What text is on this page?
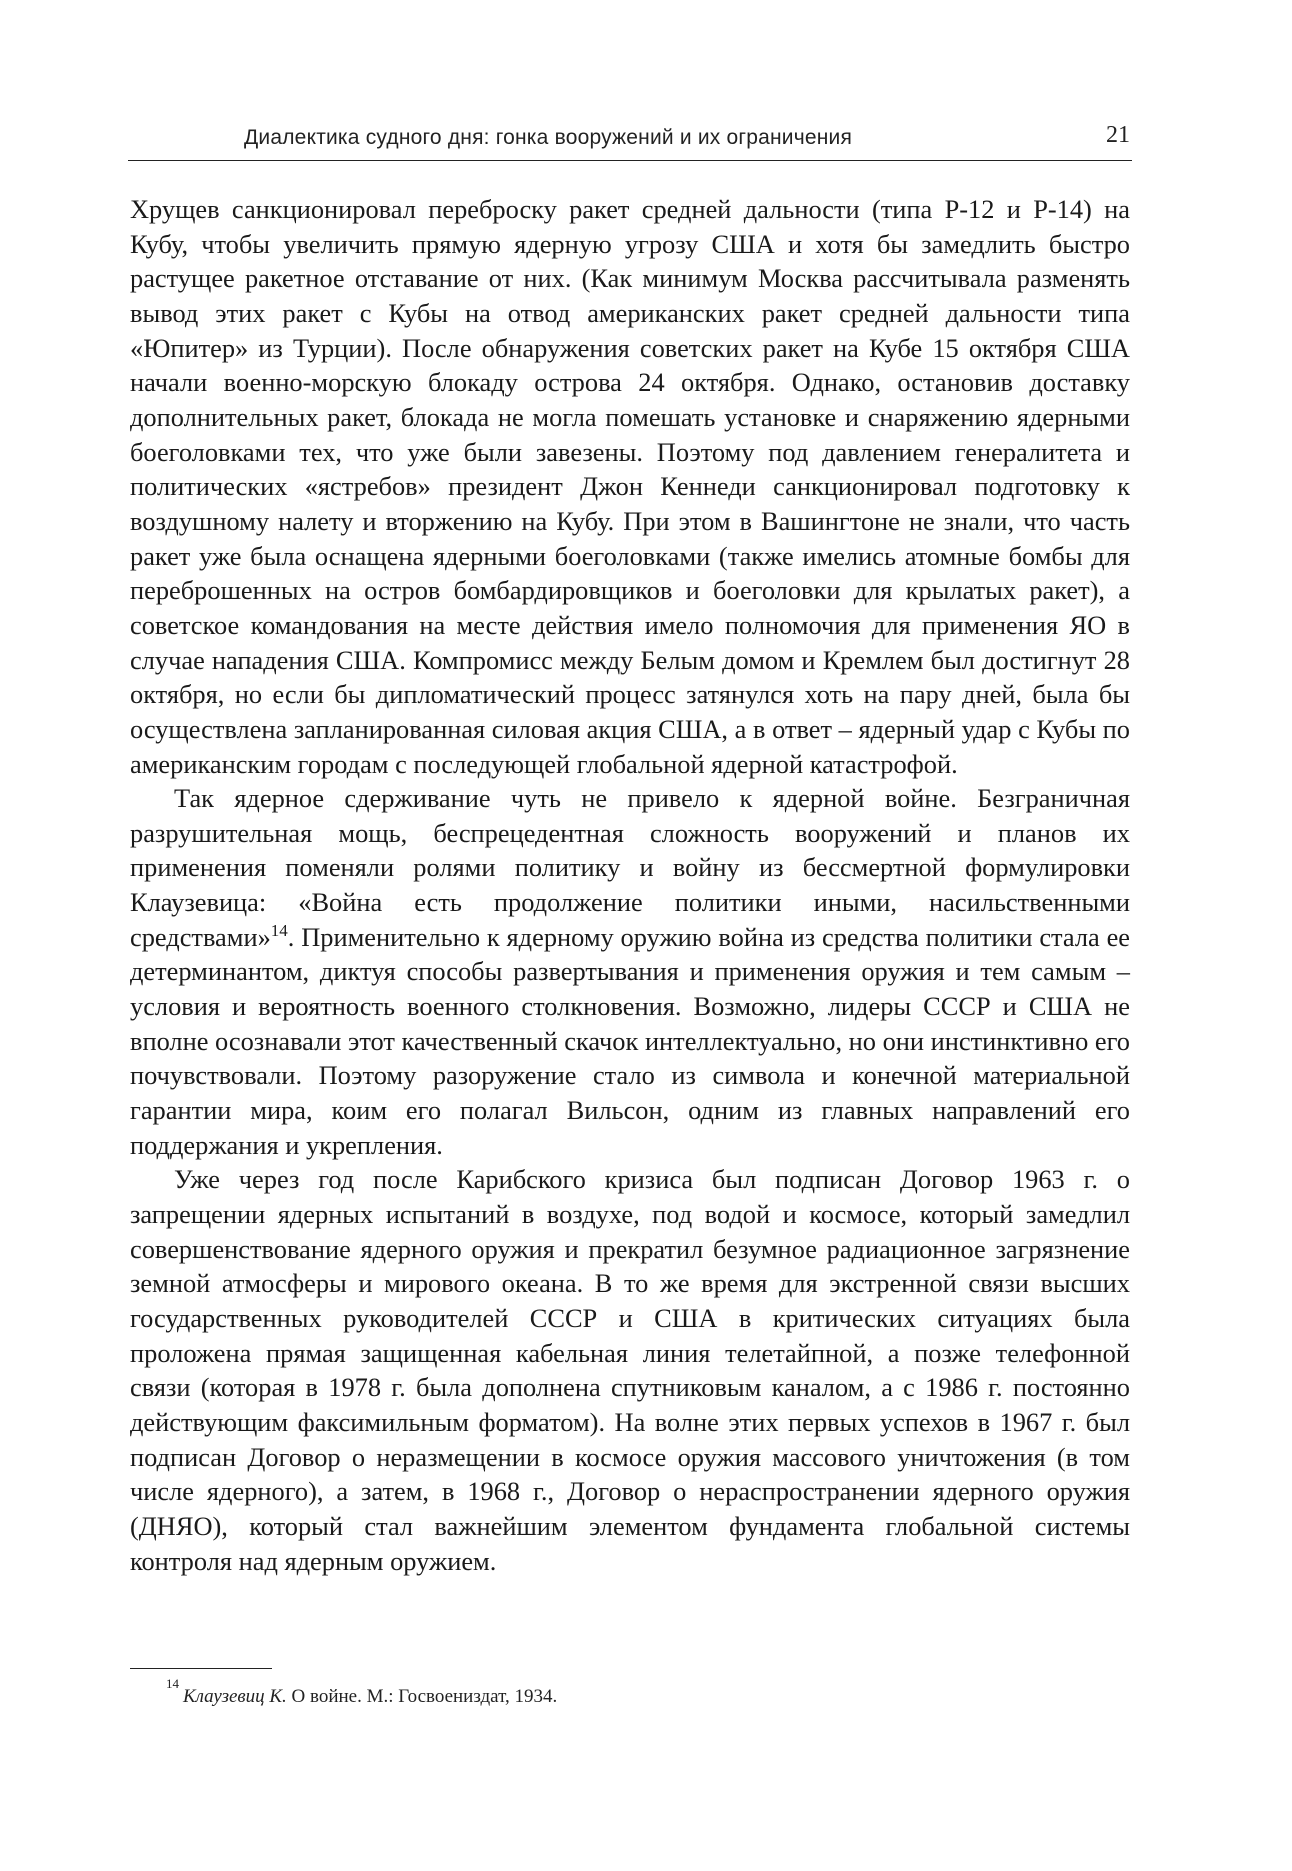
Диалектика судного дня: гонка вооружений и их ограничения	21

Хрущев санкционировал переброску ракет средней дальности (типа Р-12 и Р-14) на Кубу, чтобы увеличить прямую ядерную угрозу США и хотя бы замедлить быстро растущее ракетное отставание от них. (Как минимум Москва рассчитывала разменять вывод этих ракет с Кубы на отвод американских ракет средней дальности типа «Юпитер» из Турции). После обнаружения советских ракет на Кубе 15 октября США начали военно-морскую блокаду острова 24 октября. Однако, остановив доставку дополнительных ракет, блокада не могла помешать установке и снаряжению ядерными боеголовками тех, что уже были завезены. Поэтому под давлением генералитета и политических «ястребов» президент Джон Кеннеди санкционировал подготовку к воздушному налету и вторжению на Кубу. При этом в Вашингтоне не знали, что часть ракет уже была оснащена ядерными боеголовками (также имелись атомные бомбы для переброшенных на остров бомбардировщиков и боеголовки для крылатых ракет), а советское командования на месте действия имело полномочия для применения ЯО в случае нападения США. Компромисс между Белым домом и Кремлем был достигнут 28 октября, но если бы дипломатический процесс затянулся хоть на пару дней, была бы осуществлена запланированная силовая акция США, а в ответ – ядерный удар с Кубы по американским городам с последующей глобальной ядерной катастрофой.

Так ядерное сдерживание чуть не привело к ядерной войне. Безграничная разрушительная мощь, беспрецедентная сложность вооружений и планов их применения поменяли ролями политику и войну из бессмертной формулировки Клаузевица: «Война есть продолжение политики иными, насильственными средствами»$^{14}$. Применительно к ядерному оружию война из средства политики стала ее детерминантом, диктуя способы развертывания и применения оружия и тем самым – условия и вероятность военного столкновения. Возможно, лидеры СССР и США не вполне осознавали этот качественный скачок интеллектуально, но они инстинктивно его почувствовали. Поэтому разоружение стало из символа и конечной материальной гарантии мира, коим его полагал Вильсон, одним из главных направлений его поддержания и укрепления.

Уже через год после Карибского кризиса был подписан Договор 1963 г. о запрещении ядерных испытаний в воздухе, под водой и космосе, который замедлил совершенствование ядерного оружия и прекратил безумное радиационное загрязнение земной атмосферы и мирового океана. В то же время для экстренной связи высших государственных руководителей СССР и США в критических ситуациях была проложена прямая защищенная кабельная линия телетайпной, а позже телефонной связи (которая в 1978 г. была дополнена спутниковым каналом, а с 1986 г. постоянно действующим факсимильным форматом). На волне этих первых успехов в 1967 г. был подписан Договор о неразмещении в космосе оружия массового уничтожения (в том числе ядерного), а затем, в 1968 г., Договор о нераспространении ядерного оружия (ДНЯО), который стал важнейшим элементом фундамента глобальной системы контроля над ядерным оружием.

$^{14}$Клаузевиц К. О войне. М.: Госвоениздат, 1934.
